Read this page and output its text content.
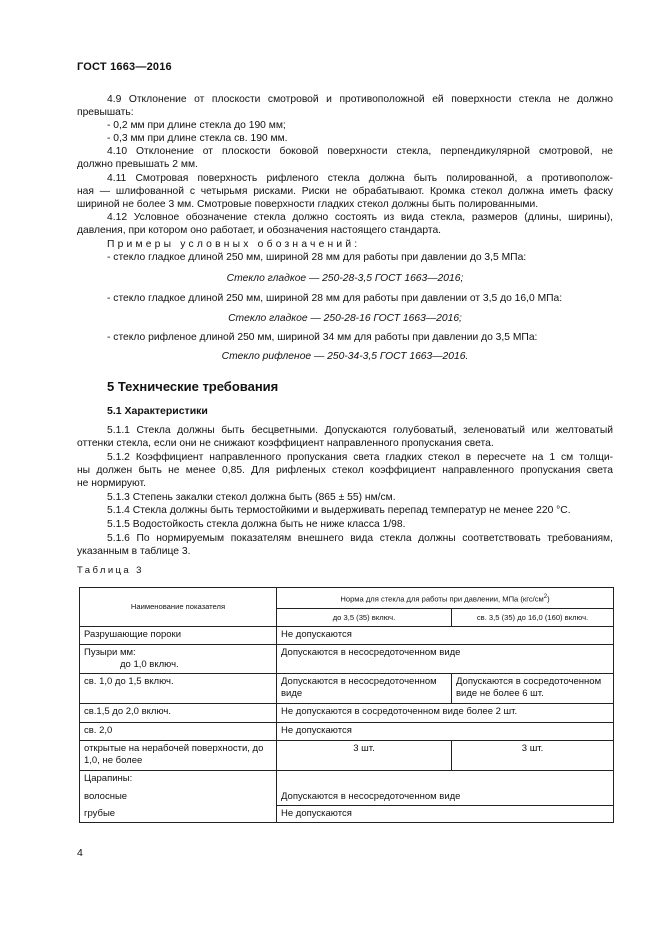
ГОСТ 1663—2016
4.9 Отклонение от плоскости смотровой и противоположной ей поверхности стекла не должно
превышать:
- 0,2 мм при длине стекла до 190 мм;
- 0,3 мм при длине стекла св. 190 мм.
4.10 Отклонение от плоскости боковой поверхности стекла, перпендикулярной смотровой, не
должно превышать 2 мм.
4.11 Смотровая поверхность рифленого стекла должна быть полированной, а противополож-
ная — шлифованной с четырьмя рисками. Риски не обрабатывают. Кромка стекол должна иметь фаску
шириной не более 3 мм. Смотровые поверхности гладких стекол должны быть полированными.
4.12 Условное обозначение стекла должно состоять из вида стекла, размеров (длины, ширины),
давления, при котором оно работает, и обозначения настоящего стандарта.
Примеры условных обозначений:
- стекло гладкое длиной 250 мм, шириной 28 мм для работы при давлении до 3,5 МПа:
Стекло гладкое — 250-28-3,5 ГОСТ 1663—2016;
- стекло гладкое длиной 250 мм, шириной 28 мм для работы при давлении от 3,5 до 16,0 МПа:
Стекло гладкое — 250-28-16 ГОСТ 1663—2016;
- стекло рифленое длиной 250 мм, шириной 34 мм для работы при давлении до 3,5 МПа:
Стекло рифленое — 250-34-3,5 ГОСТ 1663—2016.
5 Технические требования
5.1 Характеристики
5.1.1 Стекла должны быть бесцветными. Допускаются голубоватый, зеленоватый или желтоватый
оттенки стекла, если они не снижают коэффициент направленного пропускания света.
5.1.2 Коэффициент направленного пропускания света гладких стекол в пересчете на 1 см толщи-
ны должен быть не менее 0,85. Для рифленых стекол коэффициент направленного пропускания света
не нормируют.
5.1.3 Степень закалки стекол должна быть (865 ± 55) нм/см.
5.1.4 Стекла должны быть термостойкими и выдерживать перепад температур не менее 220 °С.
5.1.5 Водостойкость стекла должна быть не ниже класса 1/98.
5.1.6 По нормируемым показателям внешнего вида стекла должны соответствовать требованиям,
указанным в таблице 3.
Таблица 3
Наименование показателя	Норма для стекла для работы при давлении, МПа $(кгс/см^2)$	
	до 3,5 (35) включ.	св. 3,5 (35) до 16,0 (160) включ.
Разрушающие пороки	Не допускаются	

Пузыри мм:
до 1,0 включ.	Допускаются в несосредоточенном виде	
св. 1,0 до 1,5 включ.	Допускаются в несосредоточенном виде	Допускаются в сосредоточенном виде не более 6 шт.
св.1,5 до 2,0 включ.	Не допускаются в сосредоточенном виде более 2 шт.	
св. 2,0	Не допускаются	
открытые на нерабочей поверхности, до 1,0, не более	3 шт.	3 шт.
Царапины:		
волосные	Допускаются в несосредоточенном виде	
грубые	Не допускаются	
4
